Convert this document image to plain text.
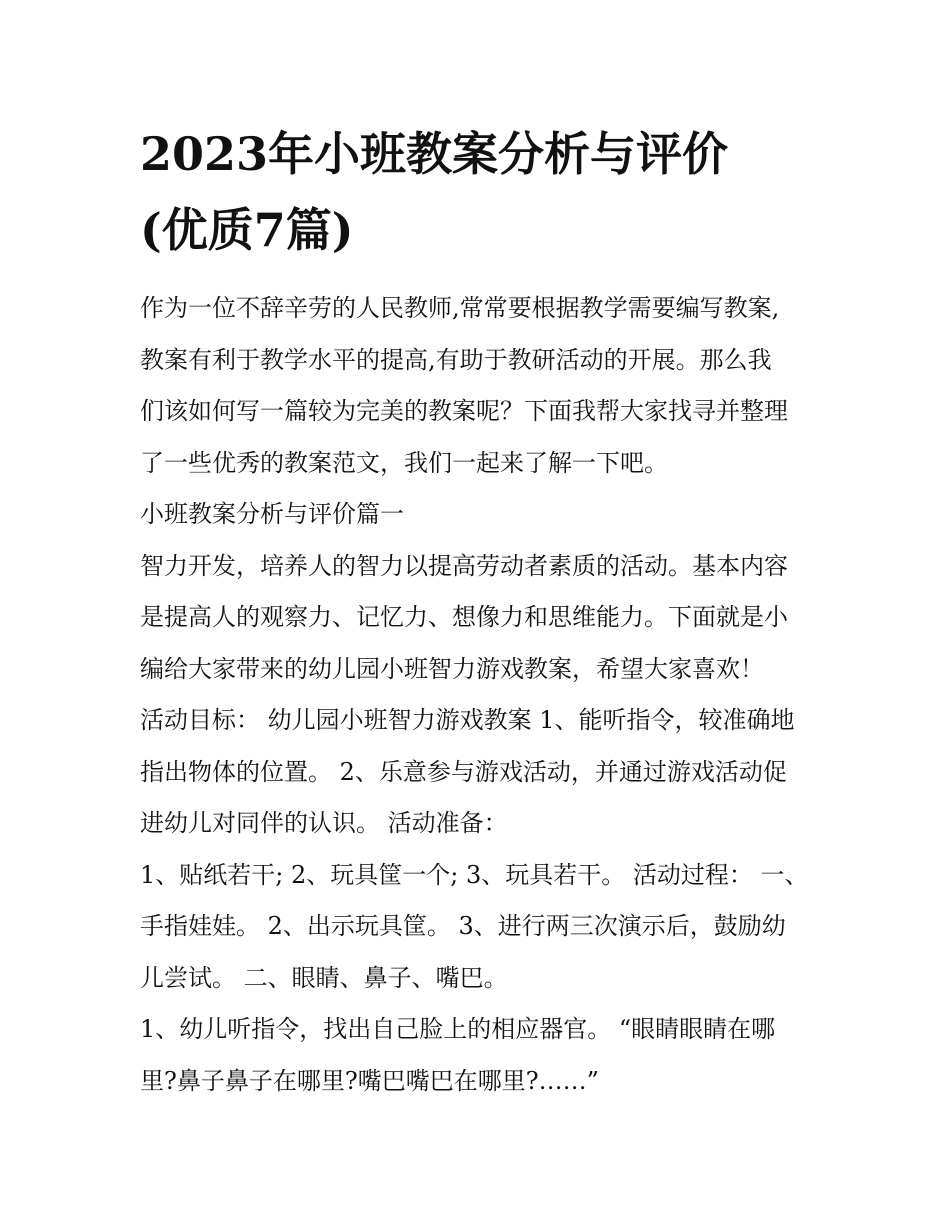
2023年小班教案分析与评价
(优质7篇)

作为一位不辞辛劳的人民教师,常常要根据教学需要编写教案,

教案有利于教学水平的提高,有助于教研活动的开展。那么我

们该如何写一篇较为完美的教案呢？下面我帮大家找寻并整理

了一些优秀的教案范文，我们一起来了解一下吧。

小班教案分析与评价篇一

智力开发，培养人的智力以提高劳动者素质的活动。基本内容

是提高人的观察力、记忆力、想像力和思维能力。下面就是小

编给大家带来的幼儿园小班智力游戏教案，希望大家喜欢！

活动目标： 幼儿园小班智力游戏教案 1、能听指令，较准确地

指出物体的位置。 2、乐意参与游戏活动，并通过游戏活动促

进幼儿对同伴的认识。 活动准备：

1、贴纸若干; 2、玩具筐一个; 3、玩具若干。 活动过程： 一、

手指娃娃。 2、出示玩具筐。 3、进行两三次演示后，鼓励幼

儿尝试。 二、眼睛、鼻子、嘴巴。

1、幼儿听指令，找出自己脸上的相应器官。 “眼睛眼睛在哪

里?鼻子鼻子在哪里?嘴巴嘴巴在哪里?……”
